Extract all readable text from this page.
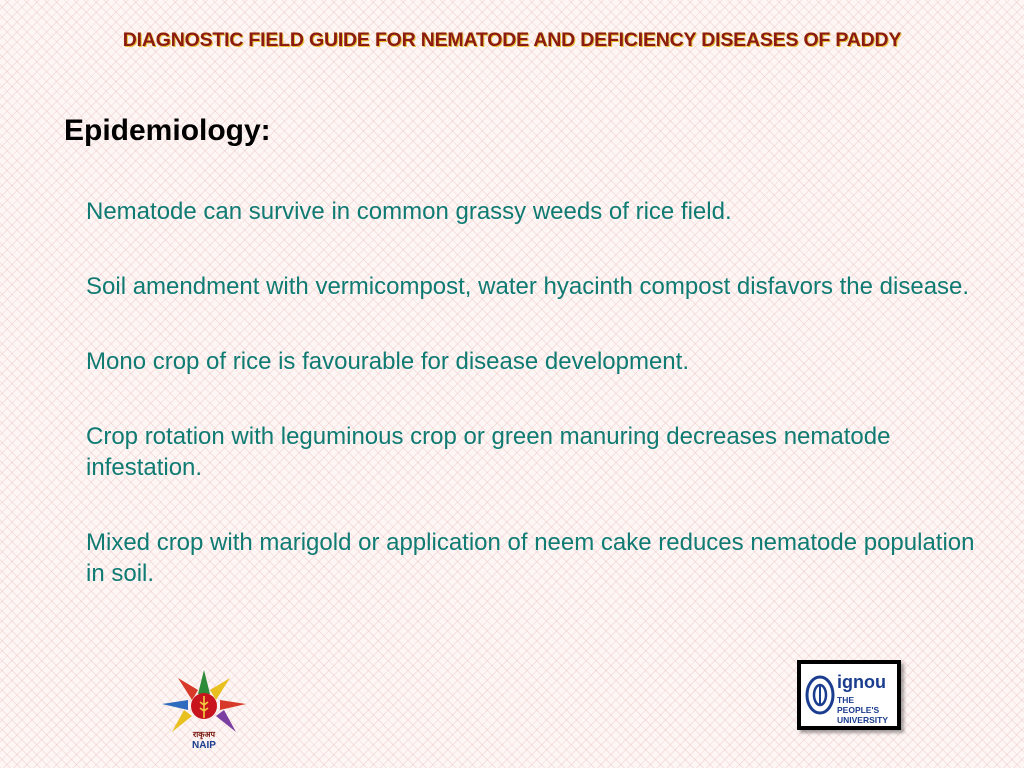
DIAGNOSTIC FIELD GUIDE FOR NEMATODE AND DEFICIENCY DISEASES OF PADDY
Epidemiology:
Nematode can survive in common grassy weeds of rice field.
Soil amendment with vermicompost, water hyacinth compost disfavors the disease.
Mono crop of rice is favourable for disease development.
Crop rotation with leguminous crop or green manuring decreases nematode infestation.
Mixed crop with marigold or application of neem cake reduces nematode population in soil.
राकृअप
NAIP
ignou
THE PEOPLE'S
UNIVERSITY
